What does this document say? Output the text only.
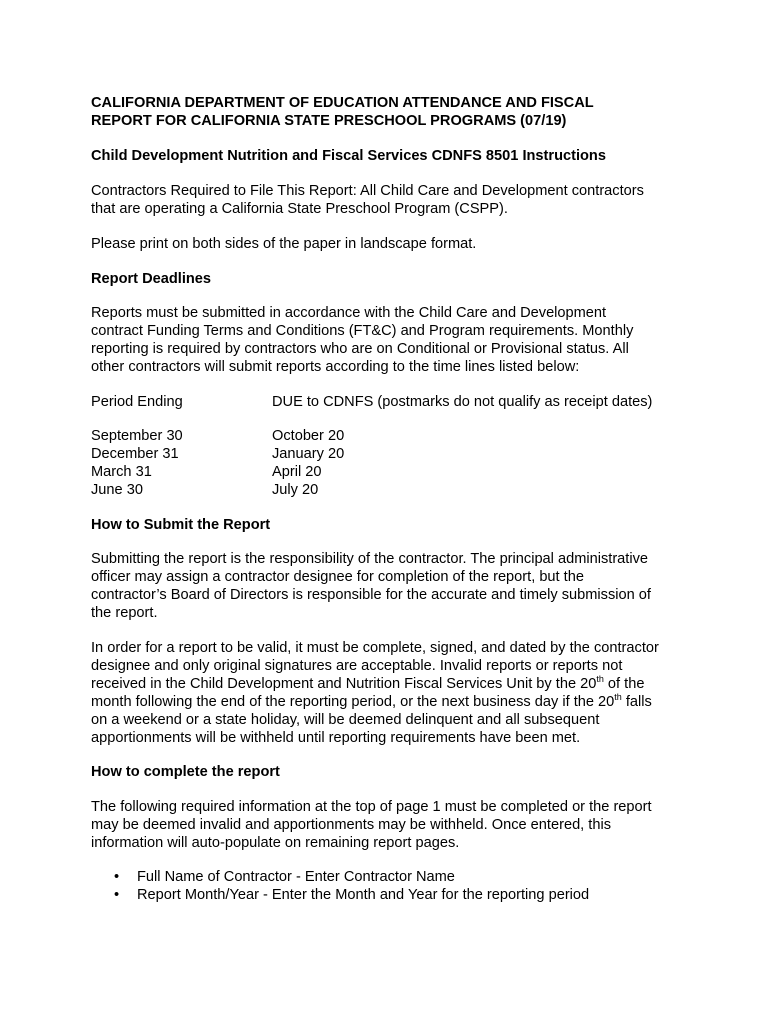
CALIFORNIA DEPARTMENT OF EDUCATION ATTENDANCE AND FISCAL
REPORT FOR CALIFORNIA STATE PRESCHOOL PROGRAMS (07/19)

Child Development Nutrition and Fiscal Services CDNFS 8501 Instructions

Contractors Required to File This Report: All Child Care and Development contractors
that are operating a California State Preschool Program (CSPP).

Please print on both sides of the paper in landscape format.

Report Deadlines

Reports must be submitted in accordance with the Child Care and Development
contract Funding Terms and Conditions (FT&C) and Program requirements. Monthly
reporting is required by contractors who are on Conditional or Provisional status. All
other contractors will submit reports according to the time lines listed below:

Period Ending	DUE to CDNFS (postmarks do not qualify as receipt dates)
September 30	October 20
December 31	January 20
March 31	April 20
June 30	July 20

How to Submit the Report

Submitting the report is the responsibility of the contractor. The principal administrative
officer may assign a contractor designee for completion of the report, but the
contractor’s Board of Directors is responsible for the accurate and timely submission of
the report.

In order for a report to be valid, it must be complete, signed, and dated by the contractor
designee and only original signatures are acceptable. Invalid reports or reports not
received in the Child Development and Nutrition Fiscal Services Unit by the 20th of the
month following the end of the reporting period, or the next business day if the 20th falls
on a weekend or a state holiday, will be deemed delinquent and all subsequent
apportionments will be withheld until reporting requirements have been met.

How to complete the report

The following required information at the top of page 1 must be completed or the report
may be deemed invalid and apportionments may be withheld. Once entered, this
information will auto-populate on remaining report pages.

• Full Name of Contractor - Enter Contractor Name
• Report Month/Year - Enter the Month and Year for the reporting period
